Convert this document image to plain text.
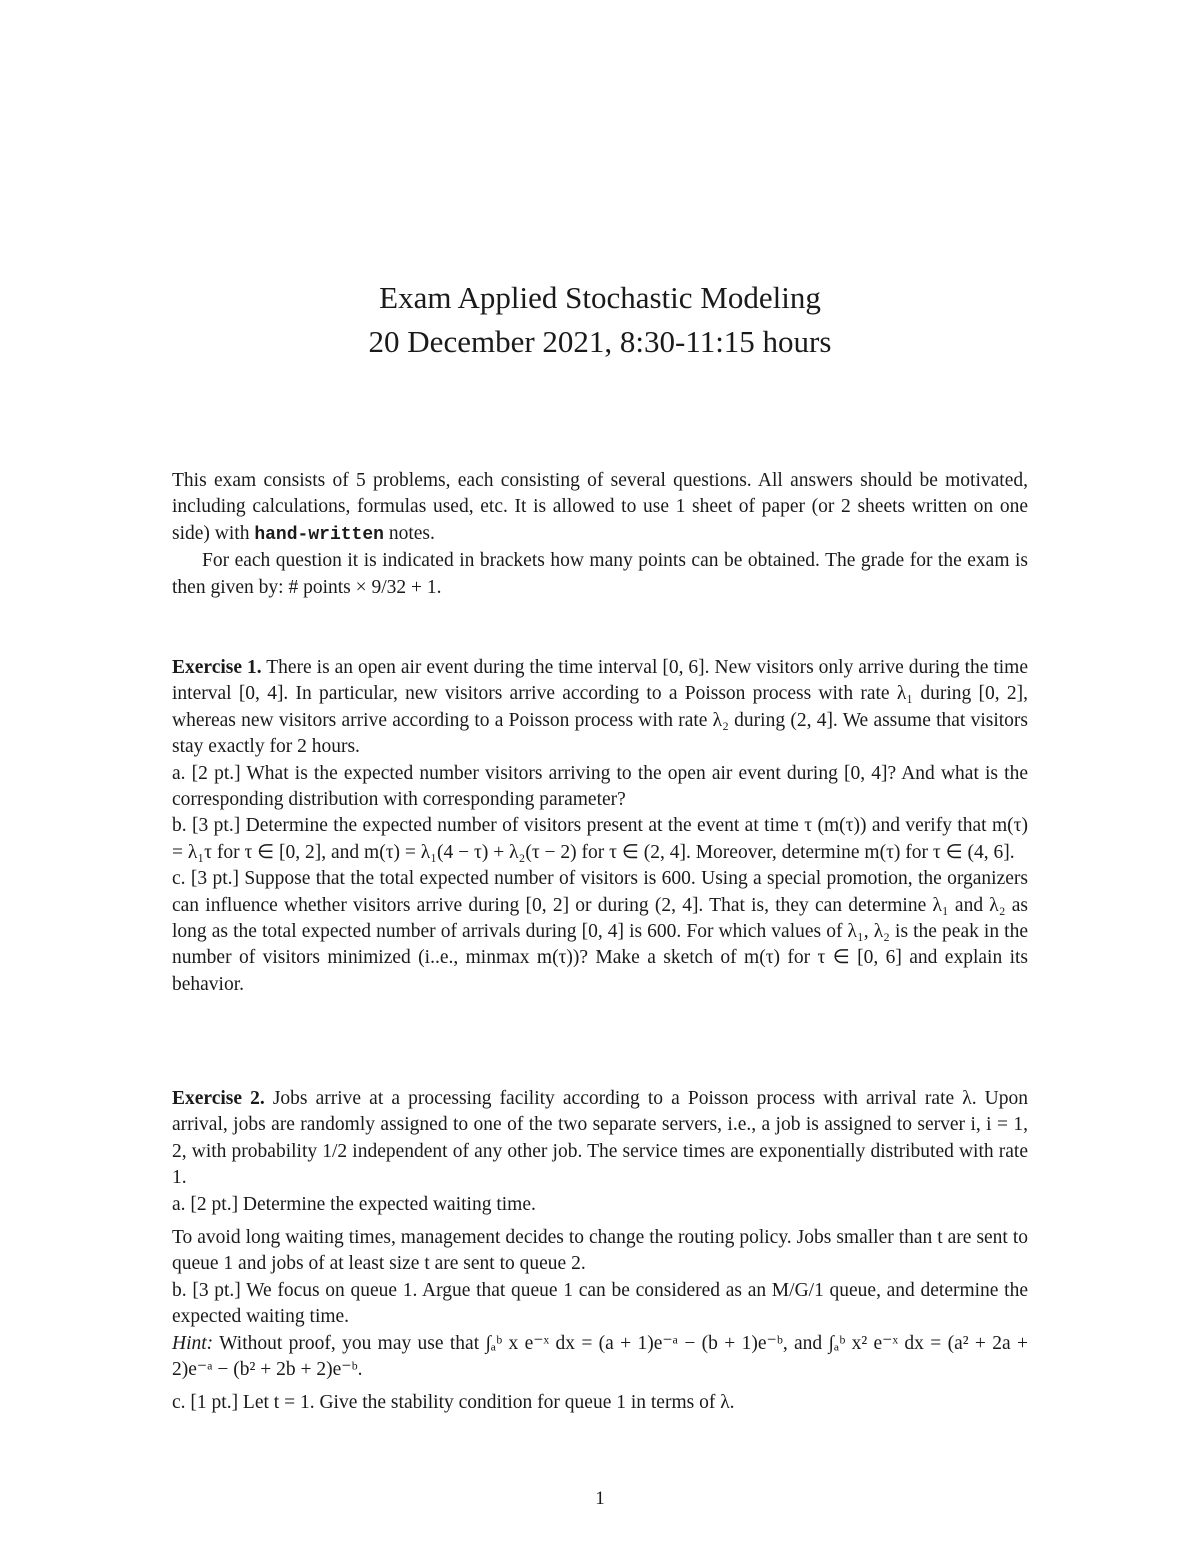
Exam Applied Stochastic Modeling
20 December 2021, 8:30-11:15 hours

This exam consists of 5 problems, each consisting of several questions. All answers should be motivated, including calculations, formulas used, etc. It is allowed to use 1 sheet of paper (or 2 sheets written on one side) with hand-written notes.

For each question it is indicated in brackets how many points can be obtained. The grade for the exam is then given by: # points × 9/32 + 1.

Exercise 1. There is an open air event during the time interval [0, 6]. New visitors only arrive during the time interval [0, 4]. In particular, new visitors arrive according to a Poisson process with rate λ₁ during [0, 2], whereas new visitors arrive according to a Poisson process with rate λ₂ during (2, 4]. We assume that visitors stay exactly for 2 hours.

a. [2 pt.] What is the expected number visitors arriving to the open air event during [0, 4]? And what is the corresponding distribution with corresponding parameter?

b. [3 pt.] Determine the expected number of visitors present at the event at time τ (m(τ)) and verify that m(τ) = λ₁τ for τ ∈ [0, 2], and m(τ) = λ₁(4 − τ) + λ₂(τ − 2) for τ ∈ (2, 4]. Moreover, determine m(τ) for τ ∈ (4, 6].

c. [3 pt.] Suppose that the total expected number of visitors is 600. Using a special promotion, the organizers can influence whether visitors arrive during [0, 2] or during (2, 4]. That is, they can determine λ₁ and λ₂ as long as the total expected number of arrivals during [0, 4] is 600. For which values of λ₁, λ₂ is the peak in the number of visitors minimized (i..e., minmax m(τ))? Make a sketch of m(τ) for τ ∈ [0, 6] and explain its behavior.

Exercise 2. Jobs arrive at a processing facility according to a Poisson process with arrival rate λ. Upon arrival, jobs are randomly assigned to one of the two separate servers, i.e., a job is assigned to server i, i = 1, 2, with probability 1/2 independent of any other job. The service times are exponentially distributed with rate 1.

a. [2 pt.] Determine the expected waiting time.

To avoid long waiting times, management decides to change the routing policy. Jobs smaller than t are sent to queue 1 and jobs of at least size t are sent to queue 2.

b. [3 pt.] We focus on queue 1. Argue that queue 1 can be considered as an M/G/1 queue, and determine the expected waiting time.

Hint: Without proof, you may use that ∫ₐᵇ x e⁻ˣ dx = (a + 1)e⁻ᵃ − (b + 1)e⁻ᵇ, and ∫ₐᵇ x² e⁻ˣ dx = (a² + 2a + 2)e⁻ᵃ − (b² + 2b + 2)e⁻ᵇ.

c. [1 pt.] Let t = 1. Give the stability condition for queue 1 in terms of λ.

1
